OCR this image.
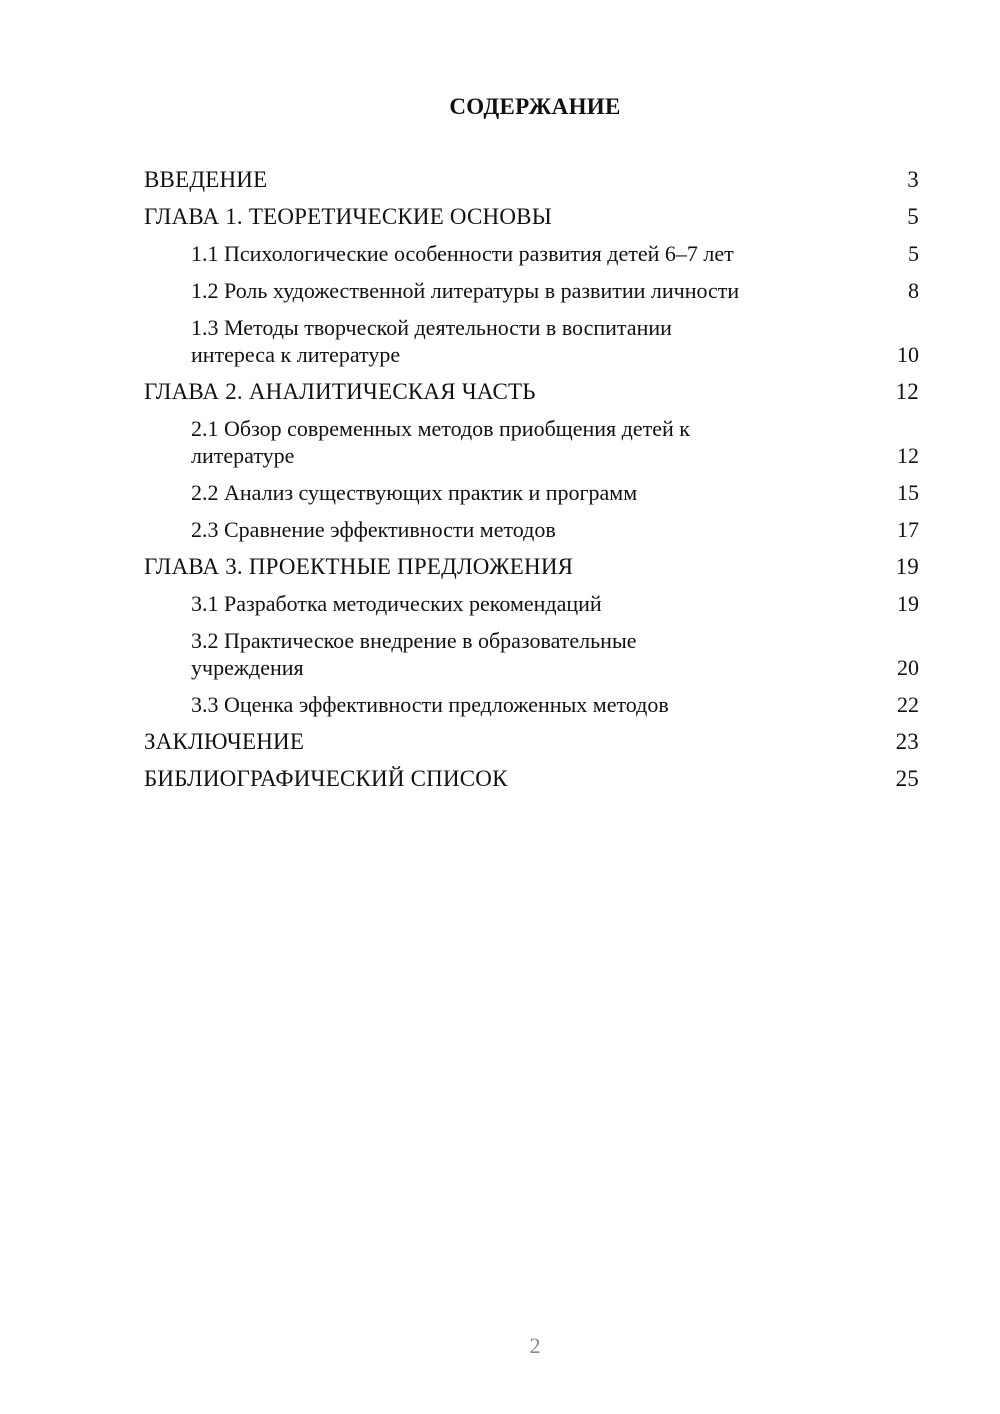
СОДЕРЖАНИЕ
ВВЕДЕНИЕ	3
ГЛАВА 1. ТЕОРЕТИЧЕСКИЕ ОСНОВЫ	5
1.1 Психологические особенности развития детей 6–7 лет	5
1.2 Роль художественной литературы в развитии личности	8
1.3 Методы творческой деятельности в воспитании интереса к литературе	10
ГЛАВА 2. АНАЛИТИЧЕСКАЯ ЧАСТЬ	12
2.1 Обзор современных методов приобщения детей к литературе	12
2.2 Анализ существующих практик и программ	15
2.3 Сравнение эффективности методов	17
ГЛАВА 3. ПРОЕКТНЫЕ ПРЕДЛОЖЕНИЯ	19
3.1 Разработка методических рекомендаций	19
3.2 Практическое внедрение в образовательные учреждения	20
3.3 Оценка эффективности предложенных методов	22
ЗАКЛЮЧЕНИЕ	23
БИБЛИОГРАФИЧЕСКИЙ СПИСОК	25
2
